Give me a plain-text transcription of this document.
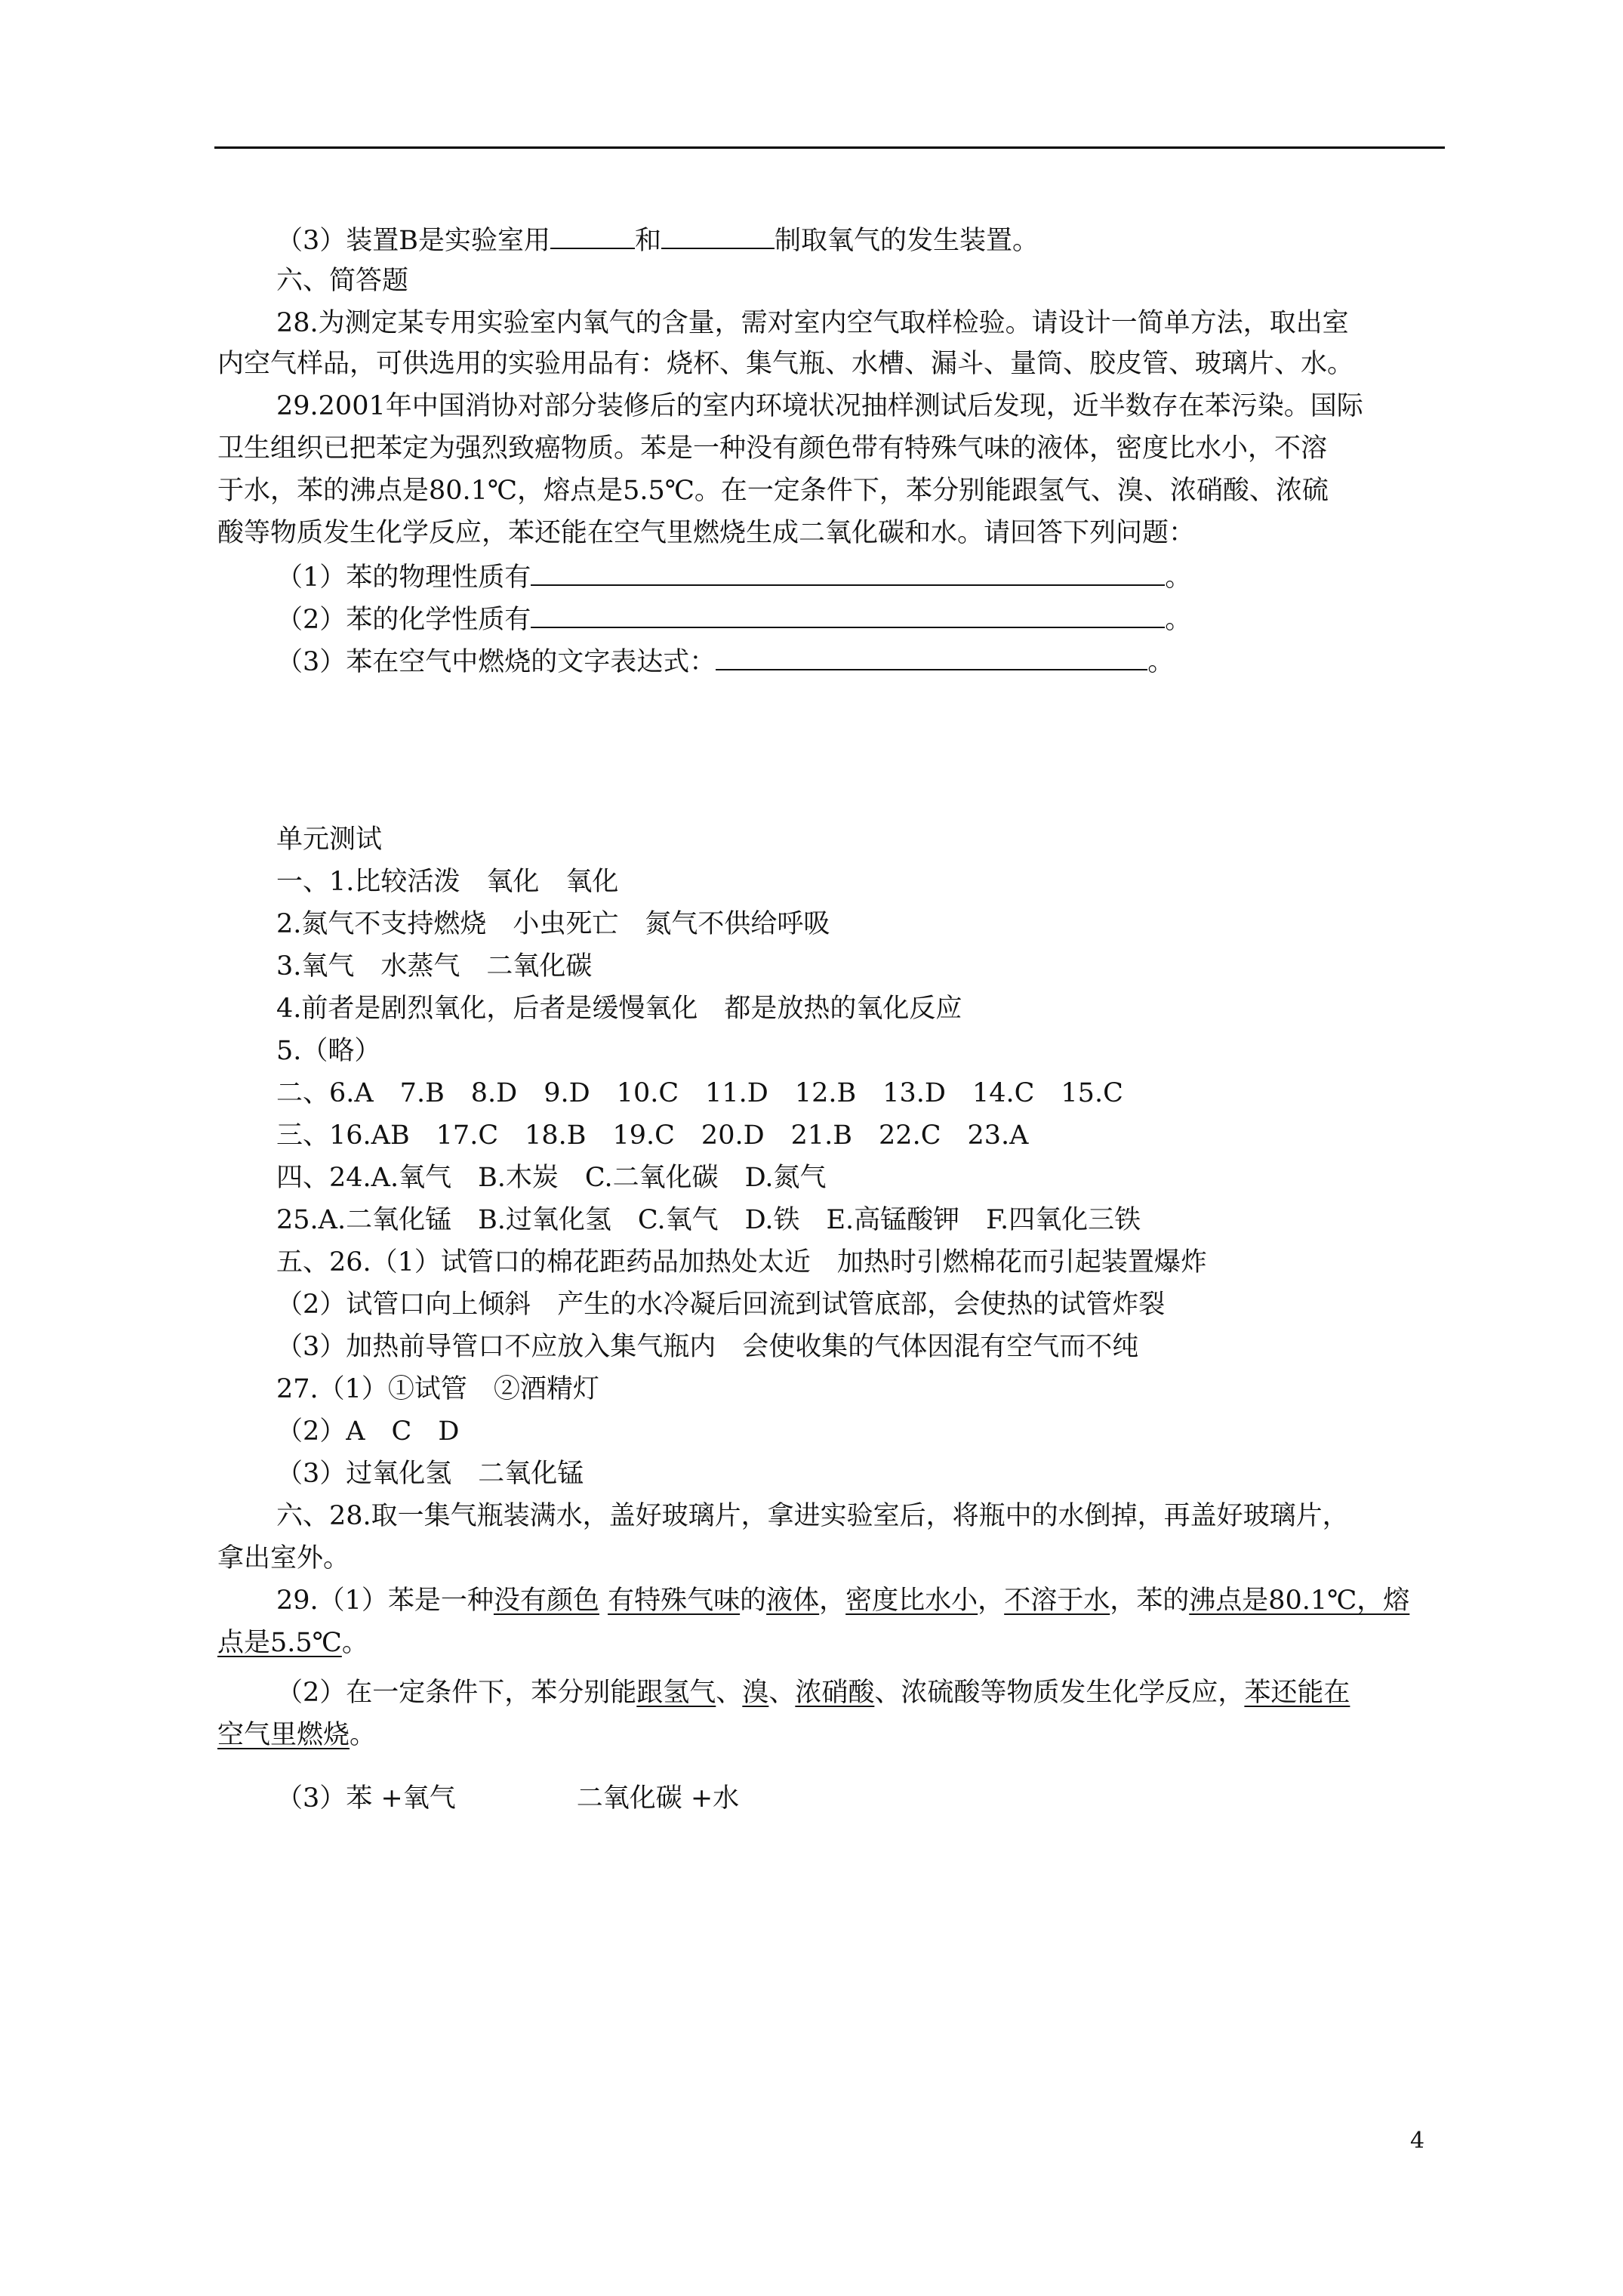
（3）装置B是实验室用	和	制取氧气的发生装置。
六、简答题
28.为测定某专用实验室内氧气的含量，需对室内空气取样检验。请设计一简单方法，取出室
内空气样品，可供选用的实验用品有：烧杯、集气瓶、水槽、漏斗、量筒、胶皮管、玻璃片、水。
29.2001年中国消协对部分装修后的室内环境状况抽样测试后发现，近半数存在苯污染。国际
卫生组织已把苯定为强烈致癌物质。苯是一种没有颜色带有特殊气味的液体，密度比水小，不溶
于水，苯的沸点是80.1℃，熔点是5.5℃。在一定条件下，苯分别能跟氢气、溴、浓硝酸、浓硫
酸等物质发生化学反应，苯还能在空气里燃烧生成二氧化碳和水。请回答下列问题：
（1）苯的物理性质有	。
（2）苯的化学性质有	。
（3）苯在空气中燃烧的文字表达式：	。
单元测试
一、1.比较活泼　氧化　氧化
2.氮气不支持燃烧　小虫死亡　氮气不供给呼吸
3.氧气　水蒸气　二氧化碳
4.前者是剧烈氧化，后者是缓慢氧化　都是放热的氧化反应
5.（略）
二、6.A　7.B　8.D　9.D　10.C　11.D　12.B　13.D　14.C　15.C
三、16.AB　17.C　18.B　19.C　20.D　21.B　22.C　23.A
四、24.A.氧气　B.木炭　C.二氧化碳　D.氮气
25.A.二氧化锰　B.过氧化氢　C.氧气　D.铁　E.高锰酸钾　F.四氧化三铁
五、26.（1）试管口的棉花距药品加热处太近　加热时引燃棉花而引起装置爆炸
（2）试管口向上倾斜　产生的水冷凝后回流到试管底部，会使热的试管炸裂
（3）加热前导管口不应放入集气瓶内　会使收集的气体因混有空气而不纯
27.（1）①试管　②酒精灯
（2）A　C　D
（3）过氧化氢　二氧化锰
六、28.取一集气瓶装满水，盖好玻璃片，拿进实验室后，将瓶中的水倒掉，再盖好玻璃片，
拿出室外。
29.（1）苯是一种没有颜色 有特殊气味的液体，密度比水小，不溶于水，苯的沸点是80.1℃，熔
点是5.5℃。
（2）在一定条件下，苯分别能跟氢气、溴、浓硝酸、浓硫酸等物质发生化学反应，苯还能在
空气里燃烧。
（3）苯 +氧气	二氧化碳 +水
4
